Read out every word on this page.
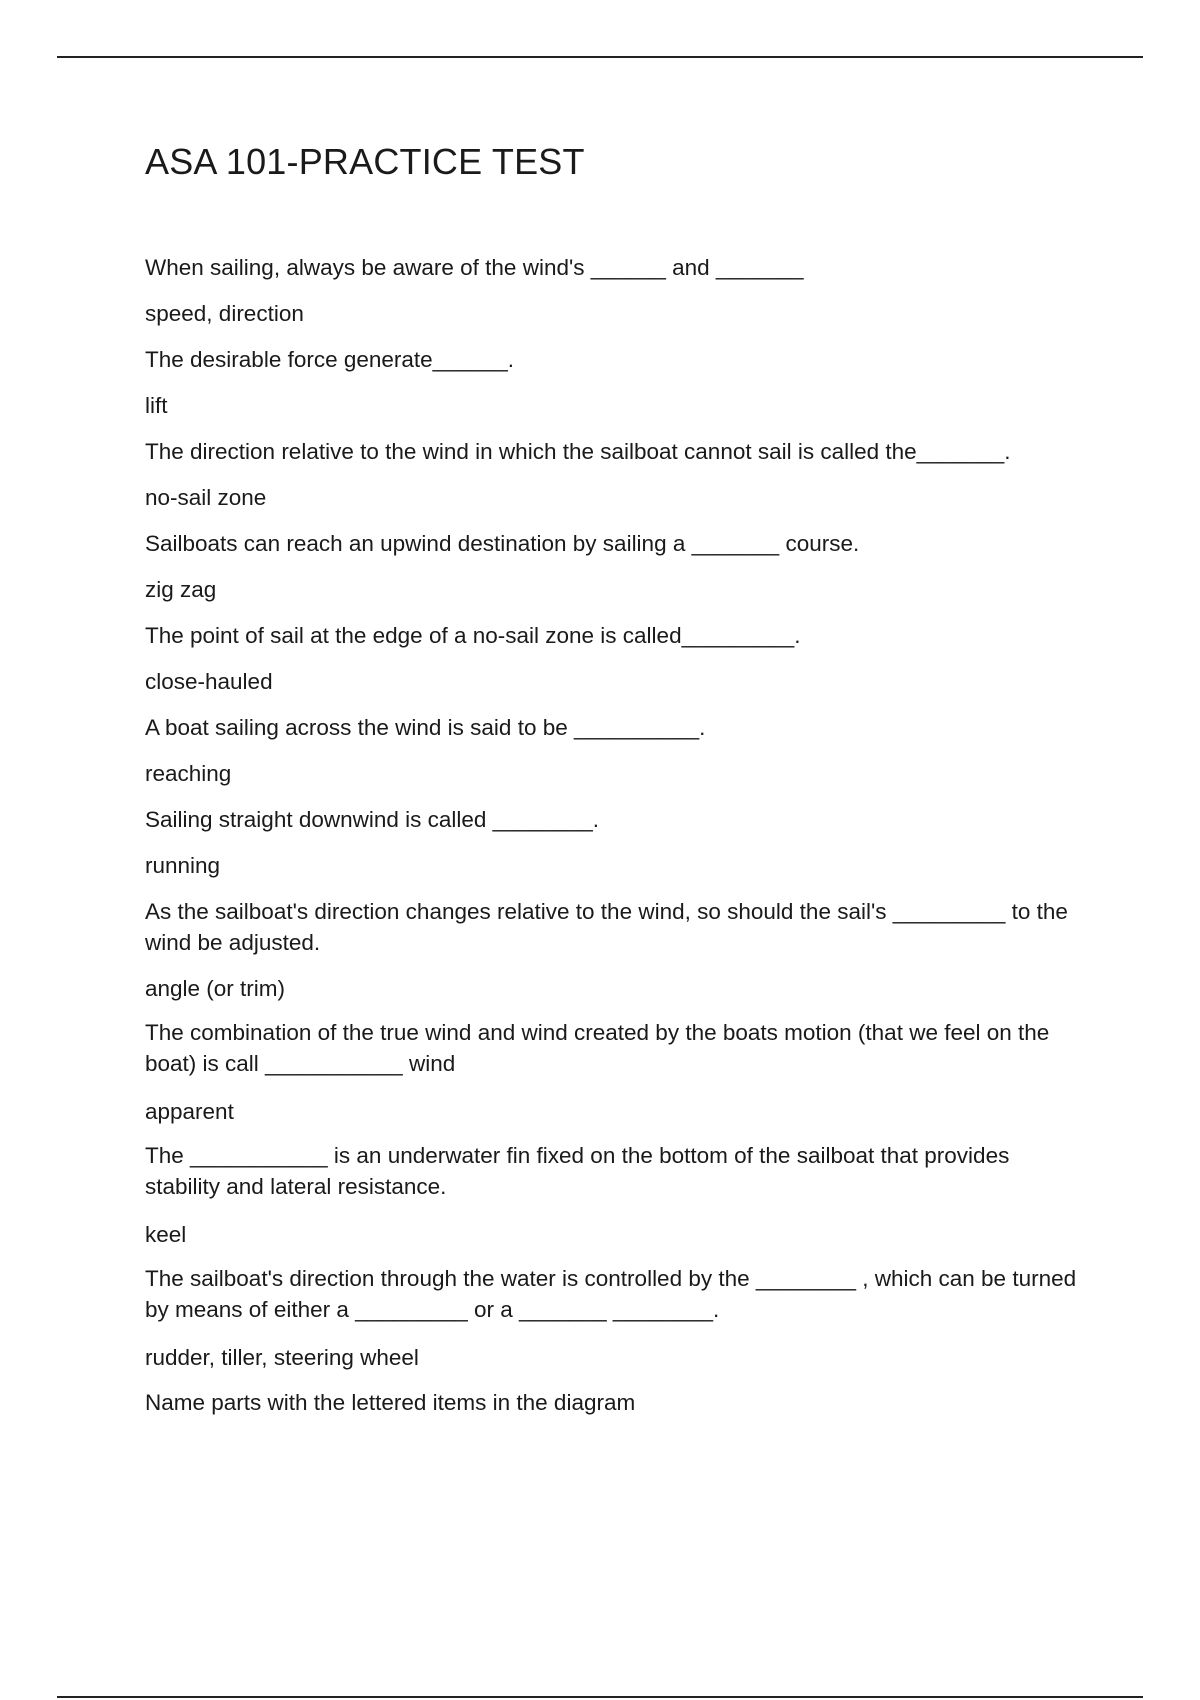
ASA 101-PRACTICE TEST
When sailing, always be aware of the wind's ______ and _______
speed, direction
The desirable force generate______.
lift
The direction relative to the wind in which the sailboat cannot sail is called the_______.
no-sail zone
Sailboats can reach an upwind destination by sailing a _______ course.
zig zag
The point of sail at the edge of a no-sail zone is called_________.
close-hauled
A boat sailing across the wind is said to be __________.
reaching
Sailing straight downwind is called ________.
running
As the sailboat's direction changes relative to the wind, so should the sail's _________ to the wind be adjusted.
angle (or trim)
The combination of the true wind and wind created by the boats motion (that we feel on the boat) is call ___________ wind
apparent
The ___________ is an underwater fin fixed on the bottom of the sailboat that provides stability and lateral resistance.
keel
The sailboat's direction through the water is controlled by the ________ , which can be turned by means of either a _________ or a _______ ________.
rudder, tiller, steering wheel
Name parts with the lettered items in the diagram
